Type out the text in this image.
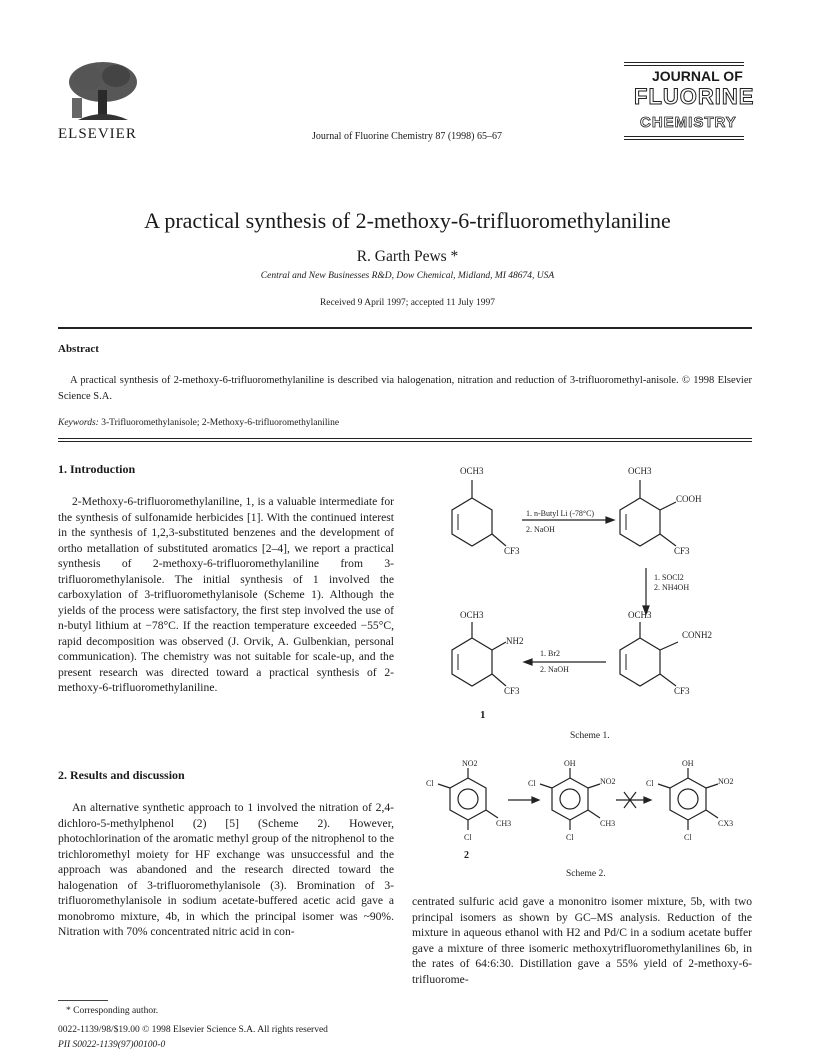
ELSEVIER	Journal of Fluorine Chemistry 87 (1998) 65–67
JOURNAL OF
FLUORINE
CHEMISTRY
A practical synthesis of 2-methoxy-6-trifluoromethylaniline
R. Garth Pews *
Central and New Businesses R&D, Dow Chemical, Midland, MI 48674, USA
Received 9 April 1997; accepted 11 July 1997
Abstract
A practical synthesis of 2-methoxy-6-trifluoromethylaniline is described via halogenation, nitration and reduction of 3-trifluoromethyl-anisole. © 1998 Elsevier Science S.A.
Keywords: 3-Trifluoromethylanisole; 2-Methoxy-6-trifluoromethylaniline
1. Introduction

2-Methoxy-6-trifluoromethylaniline, 1, is a valuable intermediate for the synthesis of sulfonamide herbicides [1]. With the continued interest in the synthesis of 1,2,3-substituted benzenes and the development of ortho metallation of substituted aromatics [2–4], we report a practical synthesis of 2-methoxy-6-trifluoromethylaniline from 3-trifluoromethylanisole. The initial synthesis of 1 involved the carboxylation of 3-trifluoromethylanisole (Scheme 1). Although the yields of the process were satisfactory, the first step involved the use of n-butyl lithium at −78°C. If the reaction temperature exceeded −55°C, rapid decomposition was observed (J. Orvik, A. Gulbenkian, personal communication). The chemistry was not suitable for scale-up, and the present research was directed toward a practical synthesis of 2-methoxy-6-trifluoromethylaniline.

2. Results and discussion

An alternative synthetic approach to 1 involved the nitration of 2,4-dichloro-5-methylphenol (2) [5] (Scheme 2). However, photochlorination of the aromatic methyl group of the nitrophenol to the trichloromethyl moiety for HF exchange was unsuccessful and the approach was abandoned and the research directed toward the halogenation of 3-trifluoromethylanisole (3). Bromination of 3-trifluoromethylanisole in sodium acetate-buffered acetic acid gave a monobromo mixture, 4b, in which the principal isomer was ~90%. Nitration with 70% concentrated nitric acid in con-

* Corresponding author.
0022-1139/98/$19.00 © 1998 Elsevier Science S.A. All rights reserved
PII S0022-1139(97)00100-0
OCH3
CF3
OCH3
COOH
CF3
1. n-Butyl Li (-78°C)
2. NaOH
1. SOCl2
2. NH4OH
OCH3
CONH2
CF3
1. Br2
2. NaOH
OCH3
NH2
CF3
1
Scheme 1.
NO2
Cl
CH3
Cl
2
OH
Cl	NO2
CH3
Cl
OH
Cl	NO2
CX3
Cl
Scheme 2.

centrated sulfuric acid gave a mononitro isomer mixture, 5b, with two principal isomers as shown by GC–MS analysis. Reduction of the mixture in aqueous ethanol with H2 and Pd/C in a sodium acetate buffer gave a mixture of three isomeric methoxytrifluoromethylanilines 6b, in the rates of 64:6:30. Distillation gave a 55% yield of 2-methoxy-6-trifluorome-
